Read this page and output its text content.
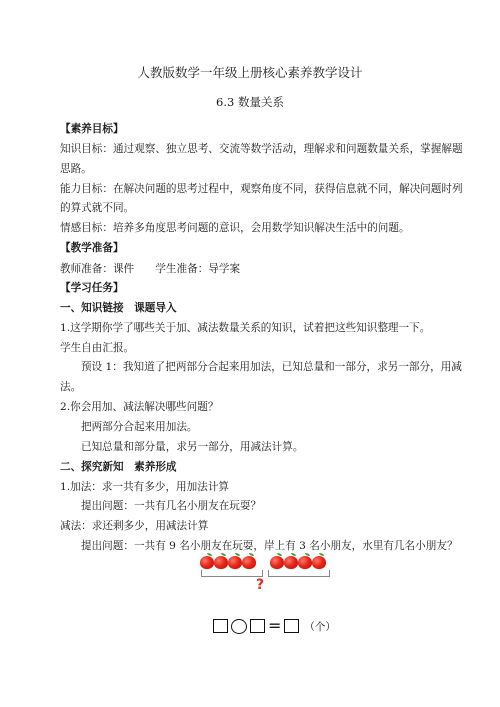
人教版数学一年级上册核心素养教学设计
6.3 数量关系
【素养目标】
知识目标：通过观察、独立思考、交流等数学活动，理解求和问题数量关系，掌握解题
思路。
能力目标：在解决问题的思考过程中，观察角度不同，获得信息就不同，解决问题时列
的算式就不同。
情感目标：培养多角度思考问题的意识，会用数学知识解决生活中的问题。
【教学准备】
教师准备：课件　　学生准备：导学案
【学习任务】
一、知识链接　课题导入
1.这学期你学了哪些关于加、减法数量关系的知识，试着把这些知识整理一下。
学生自由汇报。
预设 1：我知道了把两部分合起来用加法，已知总量和一部分，求另一部分，用减
法。
2.你会用加、减法解决哪些问题？
把两部分合起来用加法。
已知总量和部分量，求另一部分，用减法计算。
二、探究新知　素养形成
1.加法：求一共有多少，用加法计算
提出问题：一共有几名小朋友在玩耍？
减法：求还剩多少，用减法计算
提出问题：一共有 9 名小朋友在玩耍，岸上有 3 名小朋友，水里有几名小朋友？
?
= （个）
